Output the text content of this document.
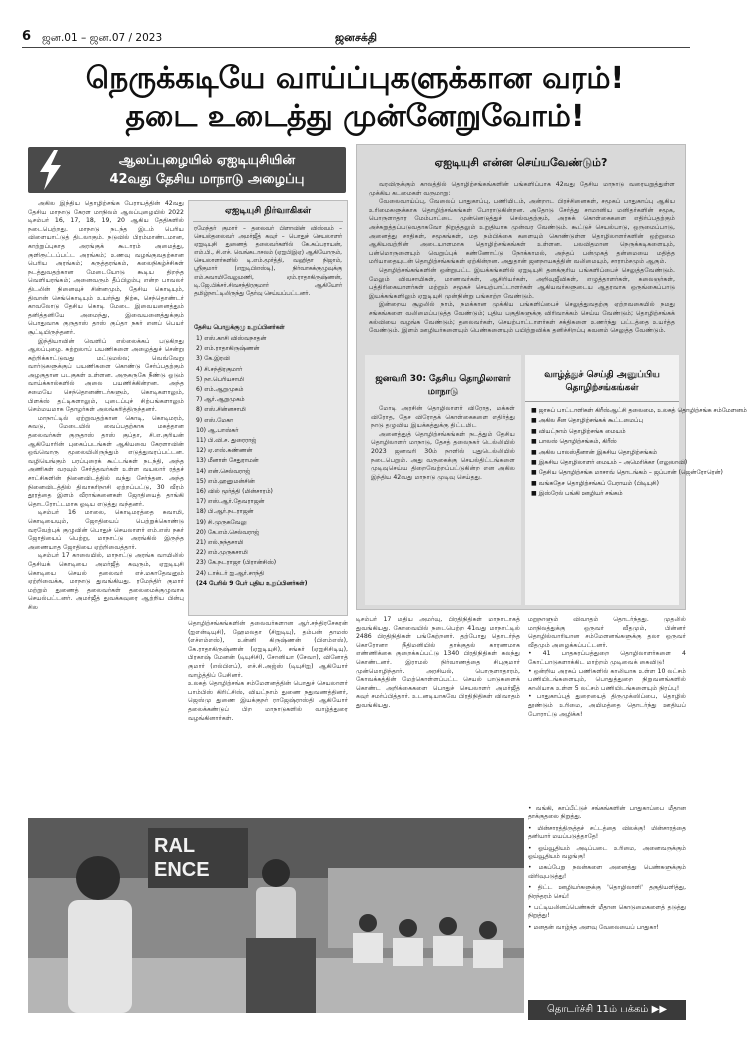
6 ஜன.01 – ஜன.07 / 2023	ஜனசக்தி
நெருக்கடியே வாய்ப்புகளுக்கான வரம்!
தடை உடைத்து முன்னேறுவோம்!
ஆலப்புழையில் ஏஐடியுசியின்
42வது தேசிய மாநாடு அழைப்பு

அகில இந்திய தொழிற்சங்க பேராயத்தின் 42வது தேசிய மாநாடு கேரள மாநிலம் ஆலப்புழையில் 2022 டிசம்பர் 16, 17, 18, 19, 20 ஆகிய தேதிகளில் நடைபெற்றது. மாநாடு நடந்த இடம் பெரிய விளையாட்டுத் திடலாகும். நடுவில் பிரம்மாண்டமான, காற்றுப்புகாத அரங்குக் கூடாரம் அமைத்து, குளிரூட்டப்பட்ட அரங்கம்; உணவு வழங்குவதற்கான பெரிய அரங்கம்; கருத்தரங்கம், கலைநிகழ்ச்சிகள் நடத்துவதற்கான மேடையோடு கூடிய திறந்த வெளியரங்கம்; அனைவரும் தீப்பிழம்பு என்ற பாவலர் திடலின் நினைவுச் சின்னமும், தேசிய கொடியும், திவான் செங்கொடியும் உயர்ந்து நிற்க, செந்தொண்டர் காவலோடு தேசிய கொடி மேடை இவையனைத்தும் தனித்தனியே அமைந்து, இவையனைத்துக்கும் பொதுவாக குருதாஸ் தாஸ் குப்தா நகர் எனப் பெயர் சூட்டியிருந்தனர்.

இந்தியாவின் வெளிப் எல்லைக்கப் படுகிறது ஆலப்புழை. சுற்றுலாப் பயணிகளை அழைத்துச் சென்று சுற்றிக்காட்டுவது மட்டுமல்ல; வெவ்வேறு வார்டுகளுக்குப் பயணிகளை கொண்டு சேர்ப்பதற்கும் அழகுதான படகுகள் உள்ளன. அருகருகே நீண்டு ஓடும் வாய்க்கால்களில் அலை பயணிக்கின்றன. அந்த சமையே செந்தொனண்டர்களும், கொடிகளாலும், பிளக்ஸ் தட்டிகளாலும், புடைப்புச் சிற்பங்களாலும் செம்மயமாக தோழர்கள் அலங்கரித்திருந்தனர்.

மாநாட்டில் ஏற்றுவதற்கான கொடி, கொடிமரம், சுவடு, மேடையில் வைப்பதற்காக மகத்தான தலைவர்கள் குருதாஸ் தாஸ் குப்தா, சி.எ.குரியன் ஆகியோரின் புகைப்படங்கள் ஆகியவை கேரளாவின் ஒவ்வொரு மூலையிலிருந்தும் எடுத்துவரப்பட்டன. வழியெங்கும் பரப்புரைக் கூட்டங்கள் நடந்தி, அந்த அணிகள் வரவும் சேர்த்தவர்கள் உள்ள வயலார் ரத்தச் சாட்சிகளின் நினைவிடத்தில் வந்து சேர்ந்தன. அந்த நினைவிடத்தில் திவாகரிநாசி ஏற்றப்பட்டு, 30 வீரம் தூரத்தை இளம் வீராங்கனைகள் ஜோதியைத் தாங்கி தொடரோட்டமாக ஓடிய எடுத்து வந்தனர்.

டிசம்பர் 16 மாலை, கொடிமரத்தை சுவாமி, கொடியையும், ஜோதியைப் பெற்றுக்கொண்டு வரவேற்புக் குழுவின் பொதுச் செயலாளர் எம்.எஸ் நகர் ஜோதியைப் பெற்று, மாநாட்டு அரங்கில் இருந்த அணையாத ஜோதியை ஏற்றிவைத்தார்.

டிசம்பர் 17 காலையில், மாநாட்டு அரங்க வாயிலில் தேசியக் கொடியை அமர்ஜீத் கவுரும், ஏஐடியுசி கொடியை செயல் தலைவர் எச்.மகாதேவனும் ஏற்றிவைக்க, மாநாடு துவங்கியது. ரமேந்திர் குமார் மற்றும் துணைத் தலைவர்கள் தலைமைக்குழுவாக செயல்பட்டனர். அமர்ஜீத் துவக்கவுரை ஆற்றிய பின்பு சில

ஏஐடியுசி நிர்வாகிகள்
ரமேந்தர் குமார் – தலைவர் பிளாவின் விஸ்வம் – செயல்தலைவர் அமர்ஜீத் கவுர் – பொதுச் செயலாளர் ஏஐடியுசி துணைத் தலைவர்களில் கே.சுப்பராயன், எம்.பி., சி.எச். வெங்கடாசலம் (ஏஐபிஇஏ) ஆகியோரும், செயலாளர்களில் டி.எம்.மூர்த்தி, வஹிதா நிஜாம், ஸ்ரீகுமார் (எஐடிபிஎஸ்டி), நிர்வாகக்குழுவுக்கு எம்.சுவாமிவேலுமணி, ஏம்.ராதாகிருஷ்ணன், டி.ஜே.பிக்சர்.சிவசந்திரகுமார் ஆகியோர் தமிழ்நாட்டிலிருந்து தேர்வு செய்யப்பட்டனர்.
தேசிய பொதுக்குழு உறுப்பினர்கள்
1) எஸ்.காசி விஸ்வநாதன்
2) எம்.ராதாகிருஷ்ணன்
3) கே.இரவி
4) சி.சந்திரகுமார்
5) நா.பெரியசாமி
6) எம்.ஆறுமுகம்
7) ஆர்.ஆறுமுகம்
8) எஸ்.சின்னசாமி
9) எஸ்.மேகா
10) ஆ.பாஸ்கர்
11) பி.வி.ச. துரைராஜ்
12) ஏ.எஸ்.கண்ணன்
13) மீனாள் சேதுராமன்
14) என்.செல்வராஜ்
15) எம்.ஹனுமன்சின்
16) வில் மூர்த்தி (மின்சாரம்)
17) எஸ்.ஆர்.தேவராஜன்
18) பி.ஆர்.நடராஜன்
19) சி.முருகவேலு
20) கே.எம்.செல்வராஜ்
21) எல்.நந்தசாமி
22) எம்.முருகசாமி
23) கே.நடராஜா (பிரான்சிஸ்)
24) டாக்டர் ஐ.ஆர்.சாந்தி
(24 பேரில் 9 பேர் புதிய உறுப்பினர்கள்)
தொழிற்சங்கங்களின் தலைவர்களான ஆர்.சந்திரசேகரன் (ஐஎன்டியுசி), ஹேமலதா (சிஐடியு), தம்பன் தாமஸ் (எச்எம்எஸ்), உன்னி கிருஷ்ணன் (பிஎம்எஸ்), கே.ராதாகிருஷ்ணன் (ஏஐடியுசி), சங்கர் (ஏஐசிசிடியு), பிரகாஷ் மேனன் (டியுசிசி), சோனியா (சேவா), வினோத் குமார் (எல்பிஎப்), எச்.சி.அஜ்ஸ் (டியுசிஐ) ஆகியோர் வாழ்த்திப் பேசினர்.
உலகத் தொழிற்சங்க சம்மேளனத்தின் பொதுச் செயலாளர் பாம்பிஸ் கிரிட்சிஸ், வியட்நாம் துணை நதுவணத்தினர், ஜெஸ்மு துணை இயக்குநர் ராஜேஷ்ராஸ்தி ஆகியோர் தலைக்கண்டுப் பிற மாநாடுகளில் வாழ்த்துரை வழங்கினார்கள்.
ஏஐடியுசி என்ன செய்யவேண்டும்?

வரவிருக்கும் காலத்தில் தொழிற்சங்கங்களின் பங்களிப்பாக 42வது தேசிய மாநாடு வரையறுத்துள்ள முக்கிய கடமைகள் வருமாறு:

வேலைவாய்ப்பு, வேலைப் பாதுகாப்பு, பணியிடம், அன்றாட பிரச்சினைகள், சமூகப் பாதுகாப்பு ஆகிய உரிமைகளுக்காக தொழிற்சங்கங்கள் போராடுகின்றன. அதோடு சேர்த்து சாமானிய மனிதர்களின் சமூக, பொருளாதார மேம்பாட்டை முன்னெடுத்துச் செல்வதற்கும், அரசுக் கொள்கைகளை எதிர்ப்பதற்கும் அச்சுறுத்தப்படுவதாகவோ நிறுத்தலும் உறுதியாக முன்வர வேண்டும். கூட்டுச் செயல்பாடு, ஒருமைப்பாடு, அனைத்து சாதிகள், சமூகங்கள், மத நம்பிக்கை களையும் கொண்டுள்ள தொழிலாளர்களின் ஒற்றுமை ஆகியவற்றின் அடையாளமாக தொழிற்சங்கங்கள் உள்ளன. பலவிதமான நெருக்கடிகளையும், பன்மொருளையும் வெறுப்புக் கண்ணோட்டு நோக்காமல், அந்தப் பன்முகத் தன்மையை மதித்த மரியாதையுடன் தொழிற்சங்கங்கள் ஏற்கின்றன. அதுதான் ஜனநாயகத்தின் வலிமையும், சாராம்சமும் ஆகும்.

தொழிற்சங்கங்களின் ஒன்றுபட்ட இயக்கங்களில் ஏஐடியுசி தனக்குரிய பங்களிப்பைச் செலுத்தவேண்டும். மேலும் விவசாயிகள், மாணவர்கள், ஆசிரியர்கள், அறிவுஜீவிகள், எழுத்தாளர்கள், கலைஞர்கள், பத்திரிகையாளர்கள் மற்றும் சமூகச் செயற்பாட்டாளர்கள் ஆகியவர்களுடைய ஆதரவாக ஒருங்கைப்பாடு இயக்கங்களிலும் ஏஐடியுசி முன்நின்று பங்காற்ற வேண்டும்.

இன்றைய சூழலில் நாம், நமக்கான முக்கிய பங்களிப்பைச் செலுத்துவதற்கு ஏற்றவகையில் நமது சங்கங்களை வலிமைப்படுத்த வேண்டும்; புதிய பகுதிகளுக்கு விரிவாக்கம் செய்ய வேண்டும்; தொழிற்சங்கக் கல்வியை வழங்க வேண்டும்; தலைவர்கள், செயற்பாட்டாளர்கள் சக்திகளை உணர்ந்து பட்டத்தை உயர்த்த வேண்டும். இளம் ஊழியர்களையும் பெண்களையும் பயிற்றுவிக்க தனிச்சிறப்பு கவனம் செலுத்த வேண்டும்.

ஜனவரி 30: தேசிய தொழிலாளர் மாநாடு

மோடி அரசின் தொழிலாளர் விரோத, மக்கள் விரோத, தேச விரோதக் கொள்கைகளை எதிர்த்து நாடு தழுவிய இயக்கத்துக்கு திட்டமிட

அனைத்துத் தொழிற்சங்கங்கள் நடத்தும் தேசிய தொழிலாளர் மாநாடு, தேசத் தலைநகர் டெல்லியில் 2023 ஜனவரி 30ம் நாளில் புதுடெல்லியில் நடைபெறும். அது வருகைக்கு செயல்திட்டங்களை முடிவுசெய்ய திறைவேற்றப்பட்டுகின்ற என அகில இந்திய 42வது மாநாடு முடிவு செய்தது.

வாழ்த்துச் செய்தி அனுப்பிய தொழிற்சங்கங்கள்
■ ஜாசுப் பாட்டாளிகள் கிரீஸ்ஆட்சி தலைமை, உலகத் தொழிற்சங்க சம்மேளனம்
■ அகில சீன தொழிற்சங்கக் கூட்டமைப்பு
■ வியட்நாம் தொழிற்சங்க மையம்
■ பாலஸ் தொழிற்சங்கம், கிரீஸ்
■ அகில பாலஸ்தீனான் இசுசிய தொழிற்சங்கம்
■ இசுசிய தொழிலாளர் மையம் – அமெரிக்கா (எலுலாவி)
■ தேசிய தொழிற்சங்க மாசாவ் தொடங்கம் – ஜப்பான் (ஜென்ரோரென்)
■ வங்கதேச தொழிற்சங்கப் பேராயம் (பிடியுசி)
■ இஸ்ரேல் பங்கி ஊழியர் சங்கம்
டிசம்பர் 17 மதிய அமர்வு, பிரதிநிதிகள் மாநாடாகத் துவங்கியது. கோவையில் நடைபெற்ற 41வது மாநாட்டில் 2486 பிரதிநிதிகள் பங்கேற்றனர். தற்போது தொடர்ந்த கொரோனா நீதிமனியில் தாக்குதல் காரணமாக எண்ணிக்கை குறைக்கப்பட்டு 1340 பிரதிநிதிகள் கலந்து கொண்டனர். இராமல் நிர்வாணத்தை சிபுகுமார் முன்மொழிந்தார். அரசியல், பொருளாதாரம், கோவக்கத்தின் மேற்கொள்ளப்பட்ட செயல் பாடுகளைக் கொண்ட அறிக்கைகளை பொதுச் செயலாளர் அமர்ஜீத் கவுர் சமர்ப்பித்தார். உடனடியாகவே பிரதிநிதிகள் விவாதம் துவங்கியது.
மறுநாளும் விவாதம் தொடர்ந்தது. முதலில் மாநிலத்துக்கு ஒருவர் வீதமும், பின்னர் தொழில்வாரியான சம்மேளனங்களுக்கு தலா ஒருவர் வீதமும் அழைக்கப்பட்டனர்.
• 41 பாதசுரப்பத்துறை தொழிலாளர்களை 4 கோட்பாடுகளாக்கிட மாற்றம் முடிவைக் கைவிடு!
• ஒன்றிய அரசுப் பணிகளில் காலியாக உள்ள 10 லட்சம் பணியிடங்களையும், பொதுத்துறை நிறுவனங்களில் காலியாக உள்ள 5 லட்சம் பணியிடங்களையும் நிரப்பு!
• பாதுகாப்புத் துறையைத் திருமுக்ஸிப்பை, தொழில் தூண்டும் உரிமை, அயிமத்தை தொடர்ந்து ஊதியப் போராட்டு அழிக்க!
• வங்கி, காப்பீட்டுச் சங்கங்களின் பாதுகாப்பை மீதான தாக்குதலை நிறுத்து.
• மின்சாரத்திருத்தச் சட்டத்தை விலக்கு! மின்சாரத்தை தனியார் மயப்படுத்தாதே!
• ஓய்வூதியம் அடிப்படை உரிமை, அனைவருக்கும் ஓய்வூதியம் வழங்கு!
• மகப்பேறு நலன்களை அனைத்து பெண்களுக்கும் விரிவுபடுத்து!
• திட்ட ஊழியர்களுக்கு 'தொழிலாளி' தகுதியளித்து, நிரந்தரம் செய்!
• பட்டியலினப்பெண்கள் மீதான கொடுமைகளைத் தடுத்து நிறுத்து!
• மனதன் வாழ்ந்த அளவு வேலையைப் பாதுகா!
RAL
ENCE
தொடர்ச்சி 11ம் பக்கம் ▶▶
